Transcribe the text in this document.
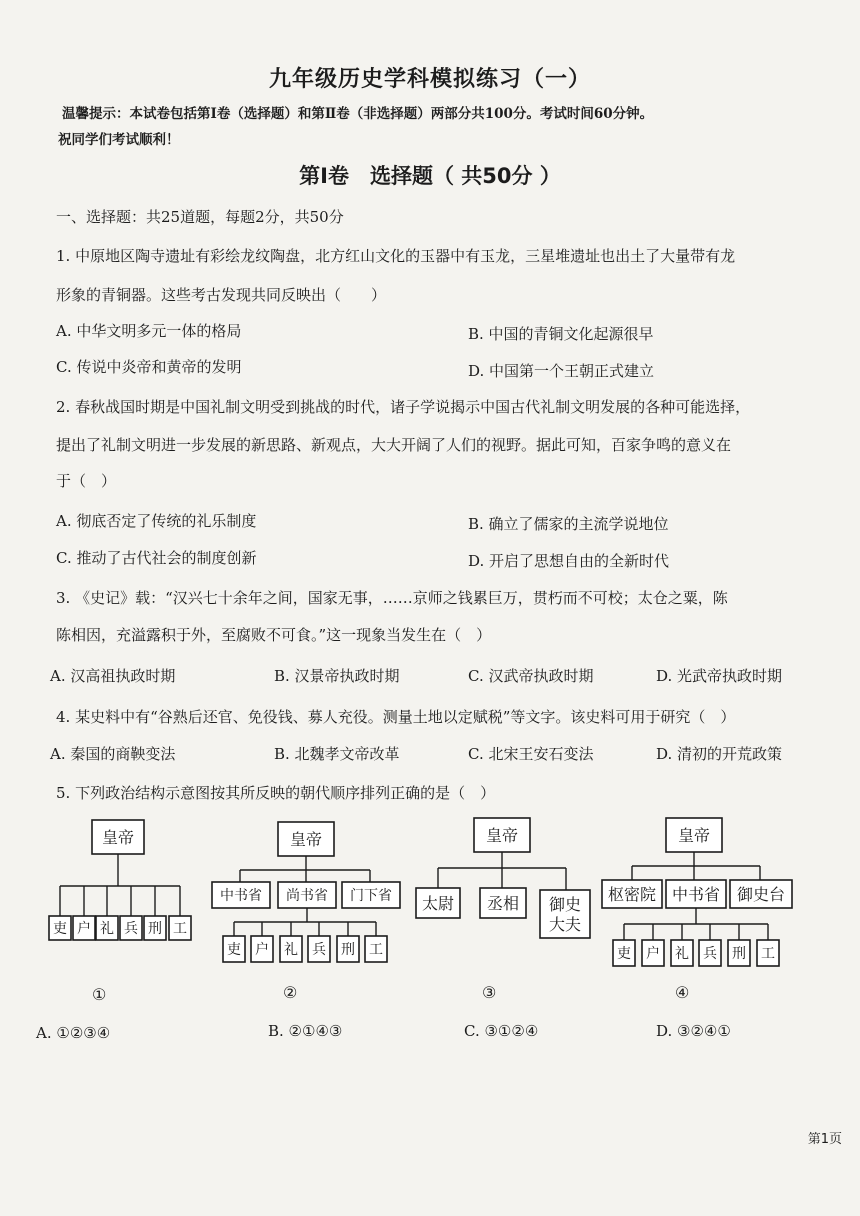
九年级历史学科模拟练习（一）
温馨提示：本试卷包括第Ⅰ卷（选择题）和第Ⅱ卷（非选择题）两部分共100分。考试时间60分钟。
祝同学们考试顺利！
第Ⅰ卷　选择题（ 共50分 ）
一、选择题：共25道题，每题2分，共50分
1. 中原地区陶寺遗址有彩绘龙纹陶盘，北方红山文化的玉器中有玉龙，三星堆遗址也出土了大量带有龙
形象的青铜器。这些考古发现共同反映出（　　）
A. 中华文明多元一体的格局	B. 中国的青铜文化起源很早
C. 传说中炎帝和黄帝的发明	D. 中国第一个王朝正式建立
2. 春秋战国时期是中国礼制文明受到挑战的时代，诸子学说揭示中国古代礼制文明发展的各种可能选择，
提出了礼制文明进一步发展的新思路、新观点，大大开阔了人们的视野。据此可知，百家争鸣的意义在
于（　）
A. 彻底否定了传统的礼乐制度	B. 确立了儒家的主流学说地位
C. 推动了古代社会的制度创新	D. 开启了思想自由的全新时代
3. 《史记》载：“汉兴七十余年之间，国家无事，……京师之钱累巨万，贯朽而不可校；太仓之粟，陈
陈相因，充溢露积于外，至腐败不可食。”这一现象当发生在（　）
A. 汉高祖执政时期	B. 汉景帝执政时期	C. 汉武帝执政时期	D. 光武帝执政时期
4. 某史料中有“谷熟后还官、免役钱、募人充役。测量土地以定赋税”等文字。该史料可用于研究（　）
A. 秦国的商鞅变法	B. 北魏孝文帝改革	C. 北宋王安石变法	D. 清初的开荒政策
5. 下列政治结构示意图按其所反映的朝代顺序排列正确的是（　）
皇帝
吏 户 礼 兵 刑 工
皇帝
中书省 尚书省 门下省
吏 户 礼 兵 刑 工
皇帝
太尉 丞相 御史大夫
皇帝
枢密院 中书省 御史台
吏 户 礼 兵 刑 工
①	②	③	④
A. ①②③④	B. ②①④③	C. ③①②④	D. ③②④①
第1页
